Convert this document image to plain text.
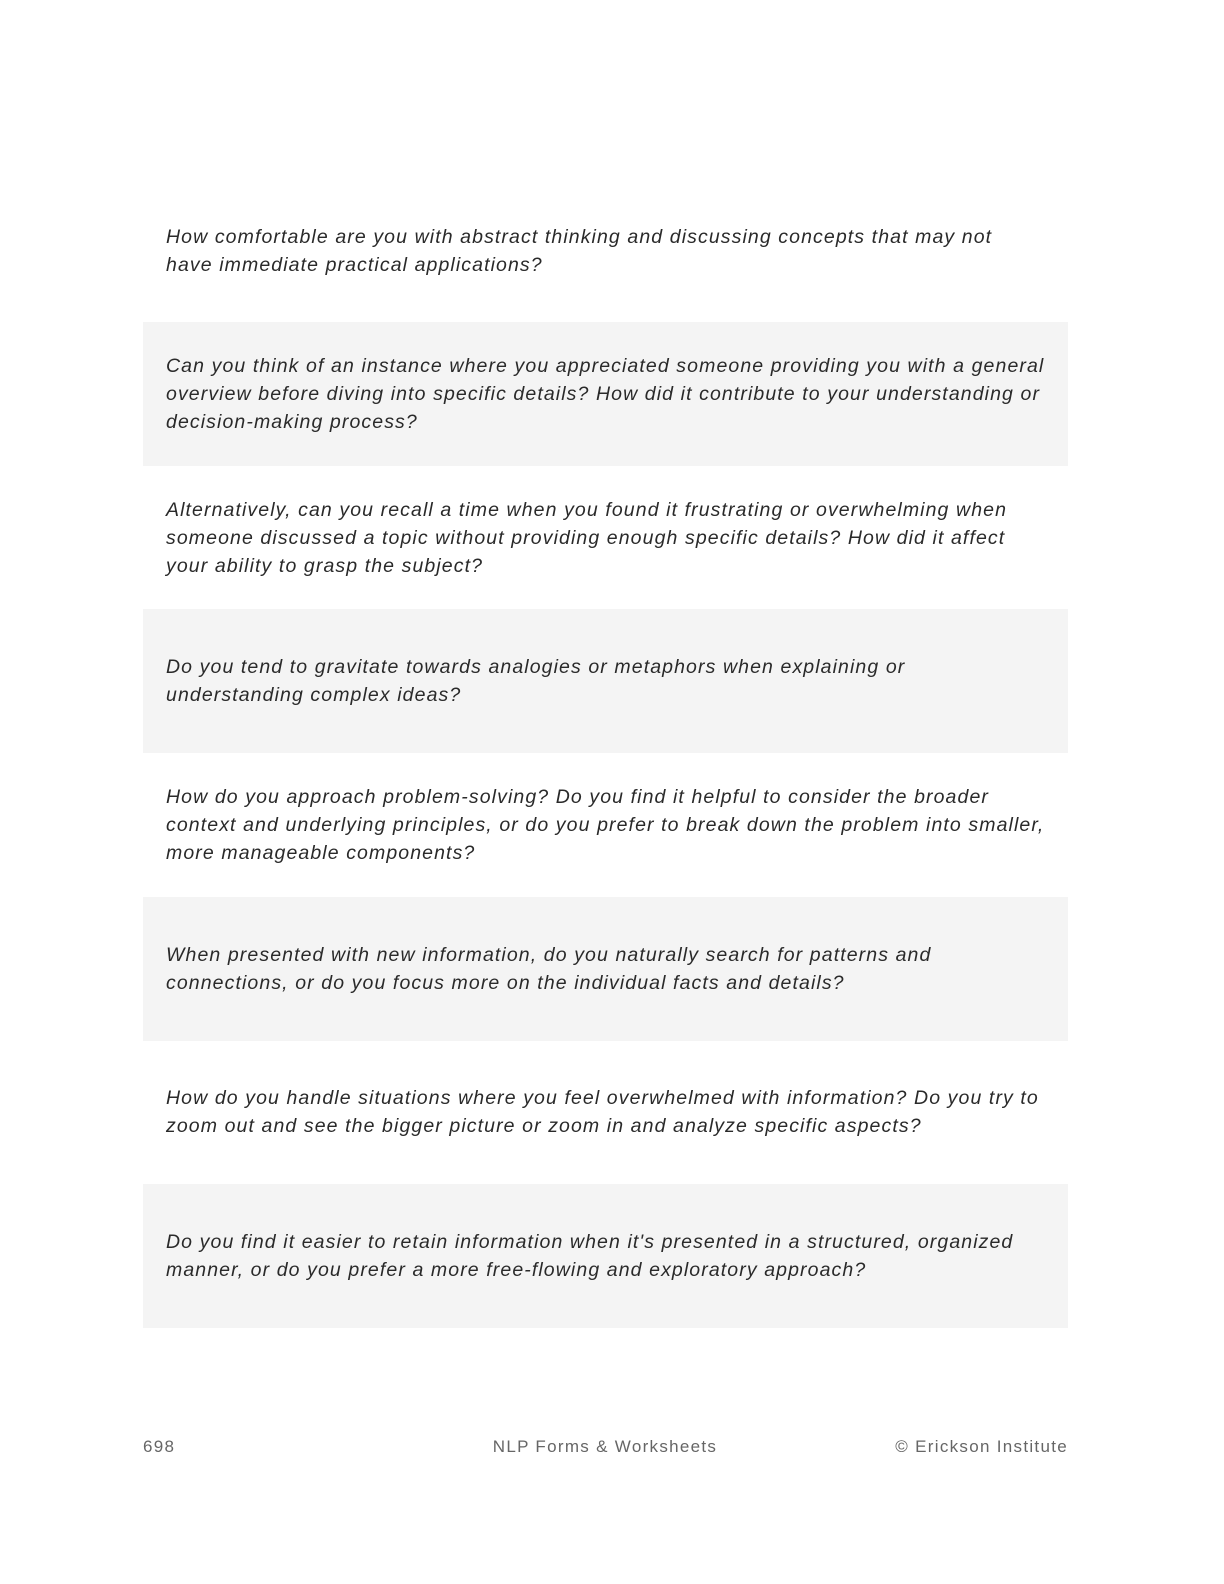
How comfortable are you with abstract thinking and discussing concepts that may not have immediate practical applications?

Can you think of an instance where you appreciated someone providing you with a general overview before diving into specific details? How did it contribute to your understanding or decision-making process?

Alternatively, can you recall a time when you found it frustrating or overwhelming when someone discussed a topic without providing enough specific details? How did it affect your ability to grasp the subject?

Do you tend to gravitate towards analogies or metaphors when explaining or understanding complex ideas?

How do you approach problem-solving? Do you find it helpful to consider the broader context and underlying principles, or do you prefer to break down the problem into smaller, more manageable components?

When presented with new information, do you naturally search for patterns and connections, or do you focus more on the individual facts and details?

How do you handle situations where you feel overwhelmed with information? Do you try to zoom out and see the bigger picture or zoom in and analyze specific aspects?

Do you find it easier to retain information when it's presented in a structured, organized manner, or do you prefer a more free-flowing and exploratory approach?

698	NLP Forms & Worksheets	© Erickson Institute
